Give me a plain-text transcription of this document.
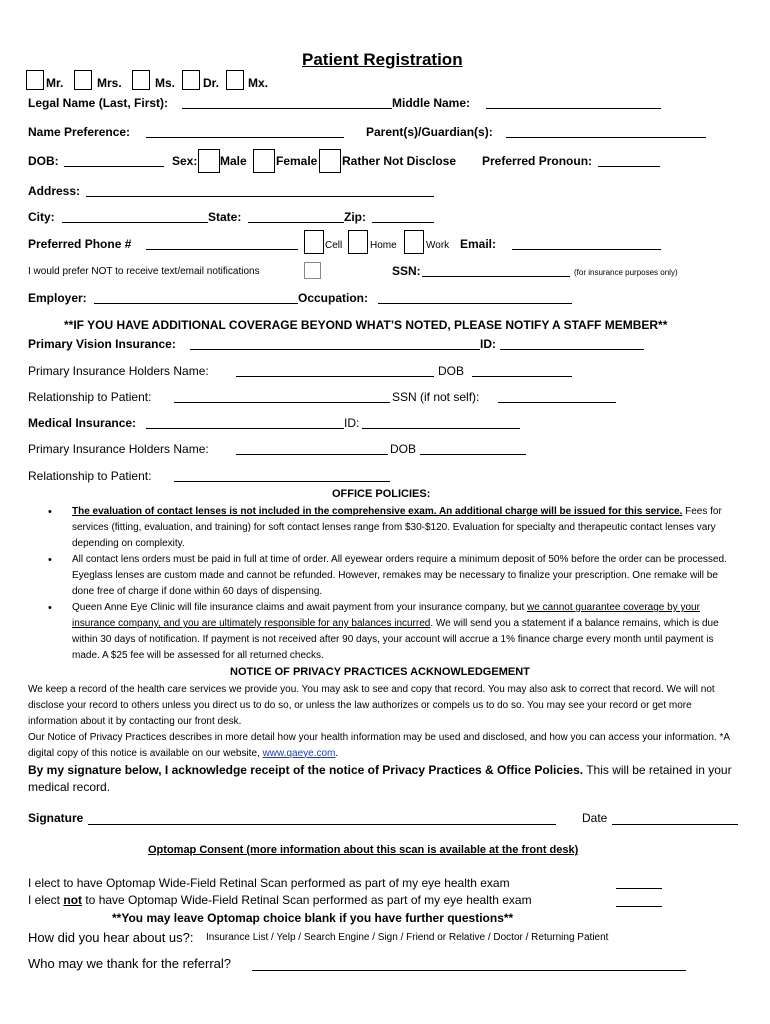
Patient Registration
Mr.	Mrs.	Ms. Dr. Mx.
Legal Name (Last, First):	Middle Name:
Name Preference:	Parent(s)/Guardian(s):
DOB:	Sex: Male Female Rather Not Disclose Preferred Pronoun:
Address:
City:	State:	Zip:
Preferred Phone #	Cell	Home	Work Email:
I would prefer NOT to receive text/email notifications	SSN:	(for insurance purposes only)
Employer:	Occupation:
**IF YOU HAVE ADDITIONAL COVERAGE BEYOND WHAT’S NOTED, PLEASE NOTIFY A STAFF MEMBER**
Primary Vision Insurance:	ID:
Primary Insurance Holders Name:	DOB
Relationship to Patient:	SSN (if not self):
Medical Insurance:	ID:
Primary Insurance Holders Name:	DOB
Relationship to Patient:
OFFICE POLICIES:
• The evaluation of contact lenses is not included in the comprehensive exam. An additional charge will be issued for this service. Fees for services (fitting, evaluation, and training) for soft contact lenses range from $30-$120. Evaluation for specialty and therapeutic contact lenses vary depending on complexity.
• All contact lens orders must be paid in full at time of order. All eyewear orders require a minimum deposit of 50% before the order can be processed. Eyeglass lenses are custom made and cannot be refunded. However, remakes may be necessary to finalize your prescription. One remake will be done free of charge if done within 60 days of dispensing.
• Queen Anne Eye Clinic will file insurance claims and await payment from your insurance company, but we cannot guarantee coverage by your insurance company, and you are ultimately responsible for any balances incurred. We will send you a statement if a balance remains, which is due within 30 days of notification. If payment is not received after 90 days, your account will accrue a 1% finance charge every month until payment is made. A $25 fee will be assessed for all returned checks.
NOTICE OF PRIVACY PRACTICES ACKNOWLEDGEMENT
We keep a record of the health care services we provide you. You may ask to see and copy that record. You may also ask to correct that record. We will not disclose your record to others unless you direct us to do so, or unless the law authorizes or compels us to do so. You may see your record or get more information about it by contacting our front desk.
Our Notice of Privacy Practices describes in more detail how your health information may be used and disclosed, and how you can access your information. *A digital copy of this notice is available on our website, www.qaeye.com.
By my signature below, I acknowledge receipt of the notice of Privacy Practices & Office Policies. This will be retained in your medical record.
Signature	Date
Optomap Consent (more information about this scan is available at the front desk)
I elect to have Optomap Wide-Field Retinal Scan performed as part of my eye health exam
I elect not to have Optomap Wide-Field Retinal Scan performed as part of my eye health exam
**You may leave Optomap choice blank if you have further questions**
How did you hear about us?: Insurance List / Yelp / Search Engine / Sign / Friend or Relative / Doctor / Returning Patient
Who may we thank for the referral?
